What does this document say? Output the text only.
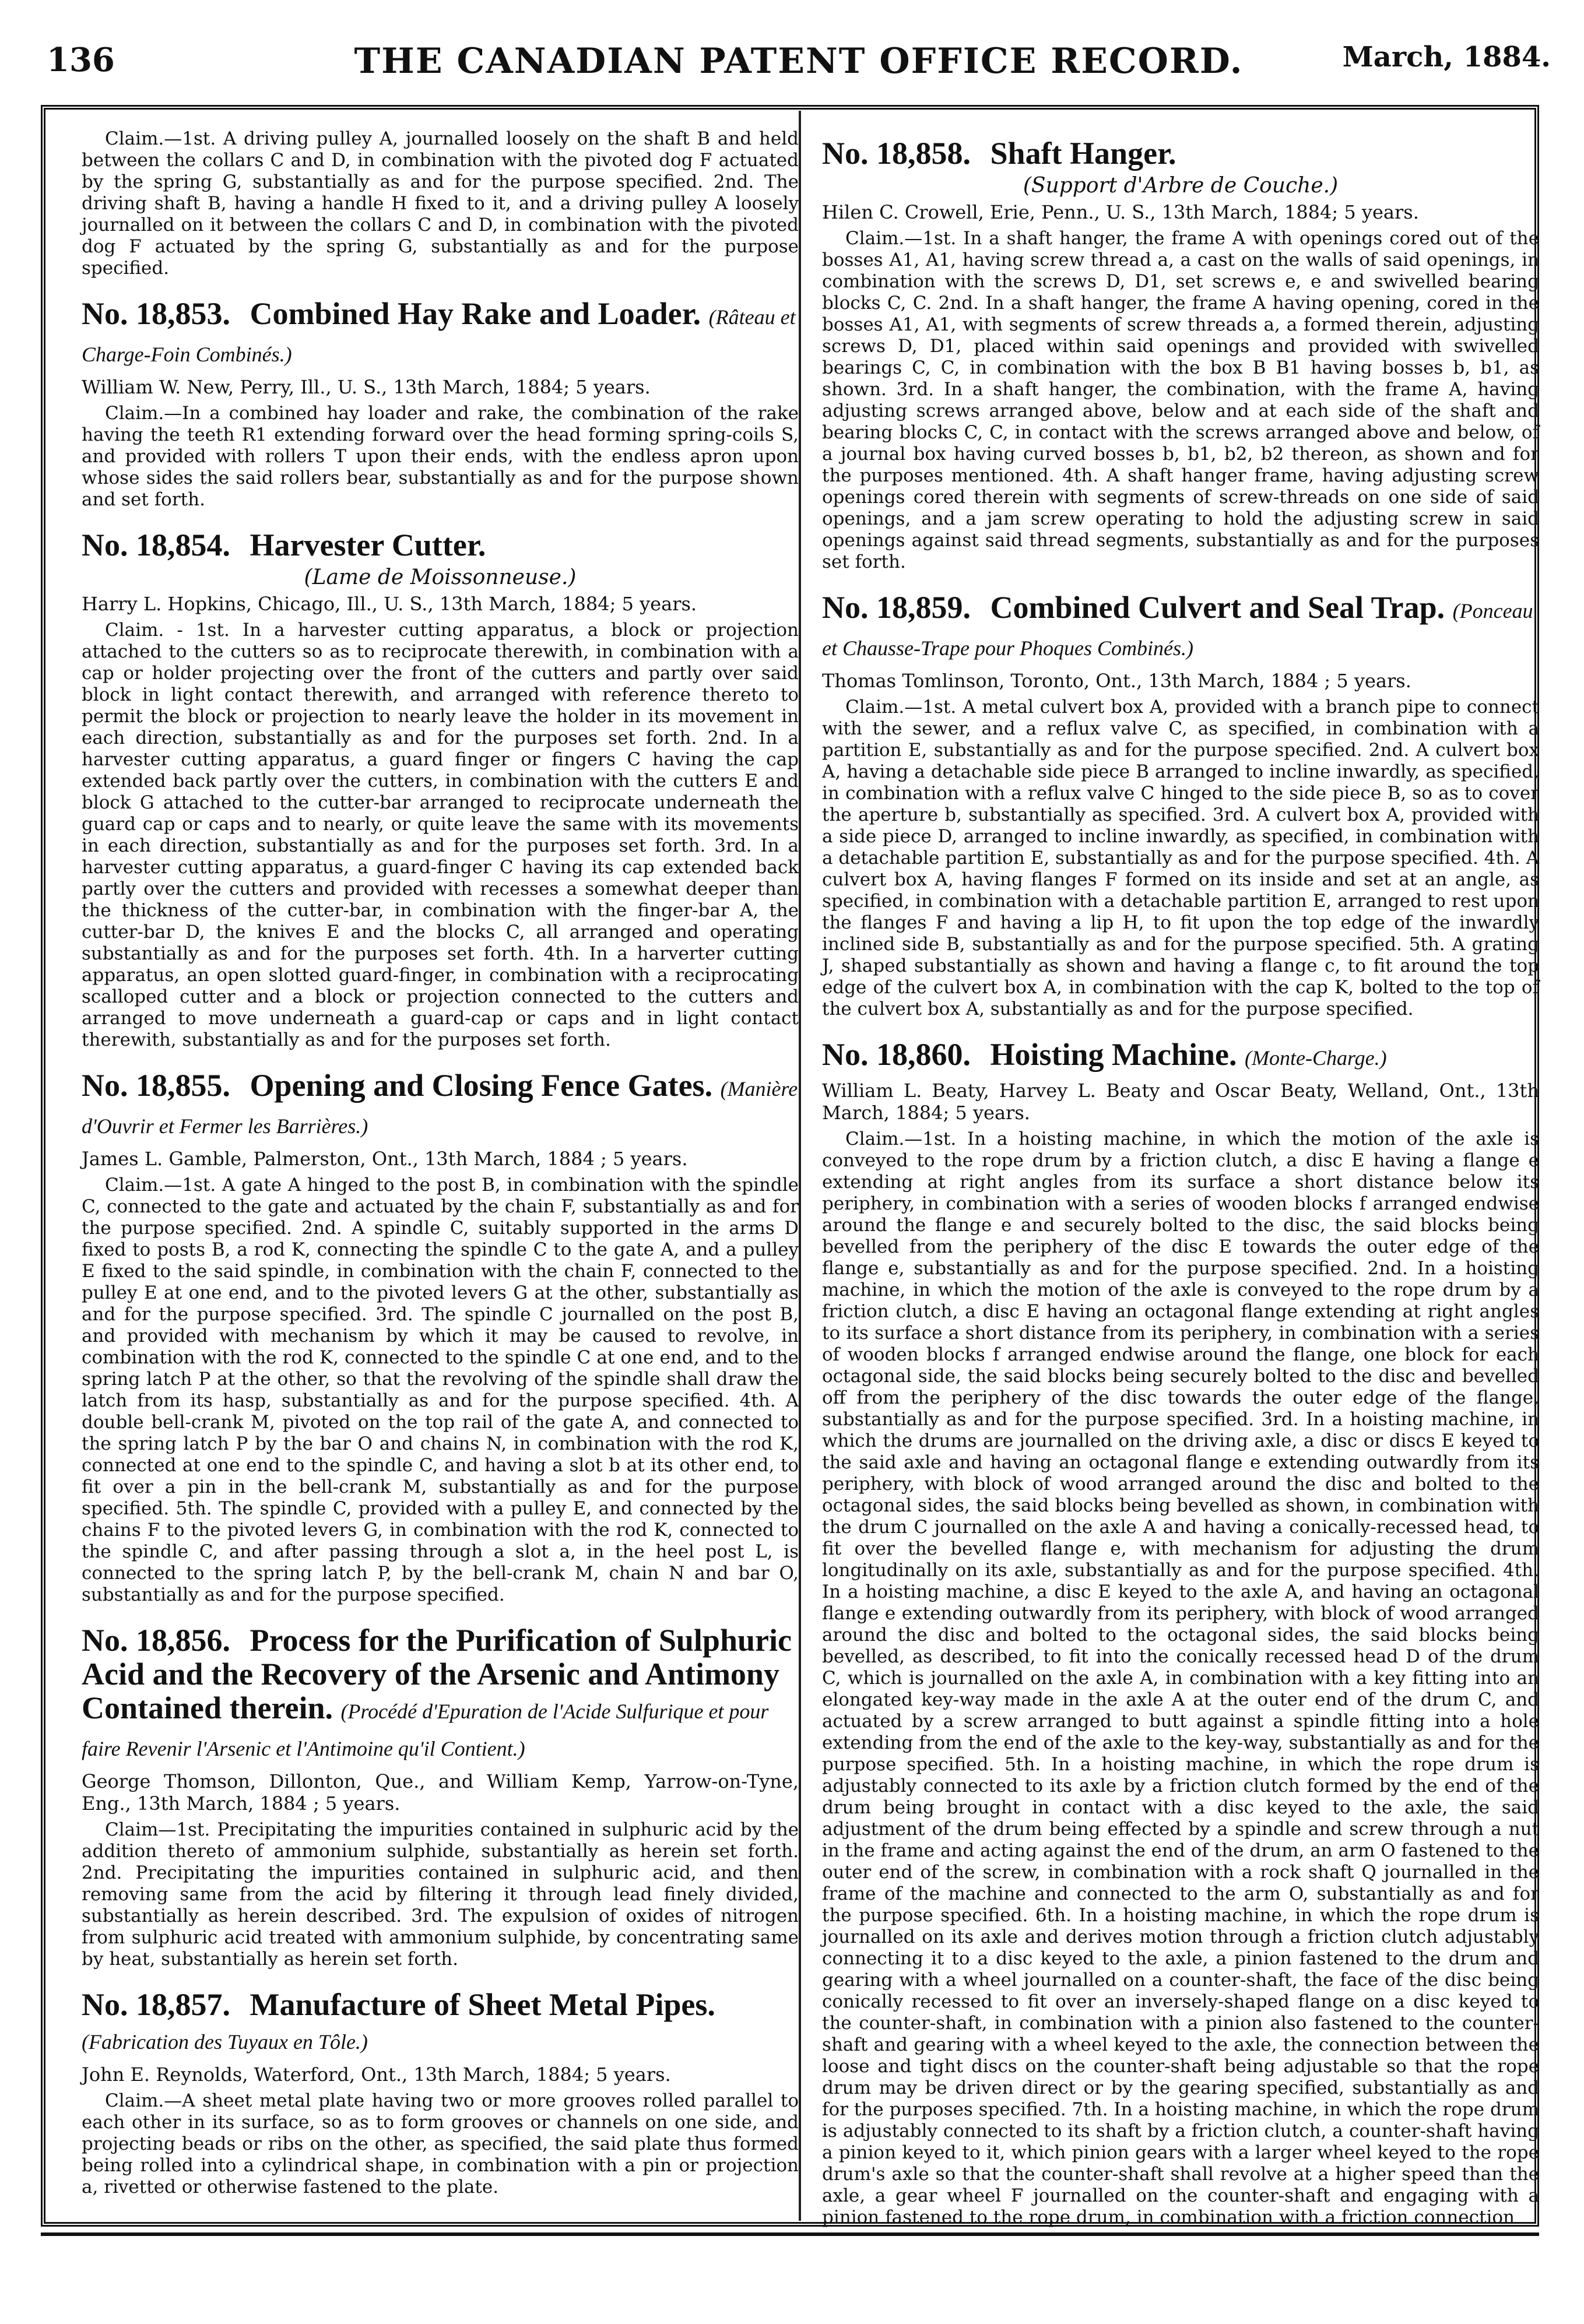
136	THE CANADIAN PATENT OFFICE RECORD.	March, 1884.

Claim.—1st. A driving pulley A, journalled loosely on the shaft B and held between the collars C and D, in combination with the pivoted dog F actuated by the spring G, substantially as and for the purpose specified. 2nd. The driving shaft B, having a handle H fixed to it, and a driving pulley A loosely journalled on it between the collars C and D, in combination with the pivoted dog F actuated by the spring G, substantially as and for the purpose specified.

No. 18,853. Combined Hay Rake and Loader. (Râteau et Charge-Foin Combinés.)
William W. New, Perry, Ill., U. S., 13th March, 1884; 5 years.

Claim.—In a combined hay loader and rake, the combination of the rake having the teeth R1 extending forward over the head forming spring-coils S, and provided with rollers T upon their ends, with the endless apron upon whose sides the said rollers bear, substantially as and for the purpose shown and set forth.

No. 18,854. Harvester Cutter.
(Lame de Moissonneuse.)
Harry L. Hopkins, Chicago, Ill., U. S., 13th March, 1884; 5 years.

Claim. - 1st. In a harvester cutting apparatus, a block or projection attached to the cutters so as to reciprocate therewith, in combination with a cap or holder projecting over the front of the cutters and partly over said block in light contact therewith, and arranged with reference thereto to permit the block or projection to nearly leave the holder in its movement in each direction, substantially as and for the purposes set forth. 2nd. In a harvester cutting apparatus, a guard finger or fingers C having the cap extended back partly over the cutters, in combination with the cutters E and block G attached to the cutter-bar arranged to reciprocate underneath the guard cap or caps and to nearly, or quite leave the same with its movements in each direction, substantially as and for the purposes set forth. 3rd. In a harvester cutting apparatus, a guard-finger C having its cap extended back partly over the cutters and provided with recesses a somewhat deeper than the thickness of the cutter-bar, in combination with the finger-bar A, the cutter-bar D, the knives E and the blocks C, all arranged and operating substantially as and for the purposes set forth. 4th. In a harverter cutting apparatus, an open slotted guard-finger, in combination with a reciprocating scalloped cutter and a block or projection connected to the cutters and arranged to move underneath a guard-cap or caps and in light contact therewith, substantially as and for the purposes set forth.

No. 18,855. Opening and Closing Fence Gates. (Manière d'Ouvrir et Fermer les Barrières.)
James L. Gamble, Palmerston, Ont., 13th March, 1884 ; 5 years.

Claim.—1st. A gate A hinged to the post B, in combination with the spindle C, connected to the gate and actuated by the chain F, substantially as and for the purpose specified. 2nd. A spindle C, suitably supported in the arms D fixed to posts B, a rod K, connecting the spindle C to the gate A, and a pulley E fixed to the said spindle, in combination with the chain F, connected to the pulley E at one end, and to the pivoted levers G at the other, substantially as and for the purpose specified. 3rd. The spindle C journalled on the post B, and provided with mechanism by which it may be caused to revolve, in combination with the rod K, connected to the spindle C at one end, and to the spring latch P at the other, so that the revolving of the spindle shall draw the latch from its hasp, substantially as and for the purpose specified. 4th. A double bell-crank M, pivoted on the top rail of the gate A, and connected to the spring latch P by the bar O and chains N, in combination with the rod K, connected at one end to the spindle C, and having a slot b at its other end, to fit over a pin in the bell-crank M, substantially as and for the purpose specified. 5th. The spindle C, provided with a pulley E, and connected by the chains F to the pivoted levers G, in combination with the rod K, connected to the spindle C, and after passing through a slot a, in the heel post L, is connected to the spring latch P, by the bell-crank M, chain N and bar O, substantially as and for the purpose specified.

No. 18,856. Process for the Purification of Sulphuric Acid and the Recovery of the Arsenic and Antimony Contained therein. (Procédé d'Epuration de l'Acide Sulfurique et pour faire Revenir l'Arsenic et l'Antimoine qu'il Contient.)
George Thomson, Dillonton, Que., and William Kemp, Yarrow-on-Tyne, Eng., 13th March, 1884 ; 5 years.

Claim—1st. Precipitating the impurities contained in sulphuric acid by the addition thereto of ammonium sulphide, substantially as herein set forth. 2nd. Precipitating the impurities contained in sulphuric acid, and then removing same from the acid by filtering it through lead finely divided, substantially as herein described. 3rd. The expulsion of oxides of nitrogen from sulphuric acid treated with ammonium sulphide, by concentrating same by heat, substantially as herein set forth.

No. 18,857. Manufacture of Sheet Metal Pipes. (Fabrication des Tuyaux en Tôle.)
John E. Reynolds, Waterford, Ont., 13th March, 1884; 5 years.

Claim.—A sheet metal plate having two or more grooves rolled parallel to each other in its surface, so as to form grooves or channels on one side, and projecting beads or ribs on the other, as specified, the said plate thus formed being rolled into a cylindrical shape, in combination with a pin or projection a, rivetted or otherwise fastened to the plate.

No. 18,858. Shaft Hanger.
(Support d'Arbre de Couche.)
Hilen C. Crowell, Erie, Penn., U. S., 13th March, 1884; 5 years.

Claim.—1st. In a shaft hanger, the frame A with openings cored out of the bosses A1, A1, having screw thread a, a cast on the walls of said openings, in combination with the screws D, D1, set screws e, e and swivelled bearing blocks C, C. 2nd. In a shaft hanger, the frame A having opening, cored in the bosses A1, A1, with segments of screw threads a, a formed therein, adjusting screws D, D1, placed within said openings and provided with swivelled bearings C, C, in combination with the box B B1 having bosses b, b1, as shown. 3rd. In a shaft hanger, the combination, with the frame A, having adjusting screws arranged above, below and at each side of the shaft and bearing blocks C, C, in contact with the screws arranged above and below, of a journal box having curved bosses b, b1, b2, b2 thereon, as shown and for the purposes mentioned. 4th. A shaft hanger frame, having adjusting screw openings cored therein with segments of screw-threads on one side of said openings, and a jam screw operating to hold the adjusting screw in said openings against said thread segments, substantially as and for the purposes set forth.

No. 18,859. Combined Culvert and Seal Trap. (Ponceau et Chausse-Trape pour Phoques Combinés.)
Thomas Tomlinson, Toronto, Ont., 13th March, 1884 ; 5 years.

Claim.—1st. A metal culvert box A, provided with a branch pipe to connect with the sewer, and a reflux valve C, as specified, in combination with a partition E, substantially as and for the purpose specified. 2nd. A culvert box A, having a detachable side piece B arranged to incline inwardly, as specified, in combination with a reflux valve C hinged to the side piece B, so as to cover the aperture b, substantially as specified. 3rd. A culvert box A, provided with a side piece D, arranged to incline inwardly, as specified, in combination with a detachable partition E, substantially as and for the purpose specified. 4th. A culvert box A, having flanges F formed on its inside and set at an angle, as specified, in combination with a detachable partition E, arranged to rest upon the flanges F and having a lip H, to fit upon the top edge of the inwardly inclined side B, substantially as and for the purpose specified. 5th. A grating J, shaped substantially as shown and having a flange c, to fit around the top edge of the culvert box A, in combination with the cap K, bolted to the top of the culvert box A, substantially as and for the purpose specified.

No. 18,860. Hoisting Machine. (Monte-Charge.)
William L. Beaty, Harvey L. Beaty and Oscar Beaty, Welland, Ont., 13th March, 1884; 5 years.

Claim.—1st. In a hoisting machine, in which the motion of the axle is conveyed to the rope drum by a friction clutch, a disc E having a flange e extending at right angles from its surface a short distance below its periphery, in combination with a series of wooden blocks f arranged endwise around the flange e and securely bolted to the disc, the said blocks being bevelled from the periphery of the disc E towards the outer edge of the flange e, substantially as and for the purpose specified. 2nd. In a hoisting machine, in which the motion of the axle is conveyed to the rope drum by a friction clutch, a disc E having an octagonal flange extending at right angles to its surface a short distance from its periphery, in combination with a series of wooden blocks f arranged endwise around the flange, one block for each octagonal side, the said blocks being securely bolted to the disc and bevelled off from the periphery of the disc towards the outer edge of the flange, substantially as and for the purpose specified. 3rd. In a hoisting machine, in which the drums are journalled on the driving axle, a disc or discs E keyed to the said axle and having an octagonal flange e extending outwardly from its periphery, with block of wood arranged around the disc and bolted to the octagonal sides, the said blocks being bevelled as shown, in combination with the drum C journalled on the axle A and having a conically-recessed head, to fit over the bevelled flange e, with mechanism for adjusting the drum longitudinally on its axle, substantially as and for the purpose specified. 4th. In a hoisting machine, a disc E keyed to the axle A, and having an octagonal flange e extending outwardly from its periphery, with block of wood arranged around the disc and bolted to the octagonal sides, the said blocks being bevelled, as described, to fit into the conically recessed head D of the drum C, which is journalled on the axle A, in combination with a key fitting into an elongated key-way made in the axle A at the outer end of the drum C, and actuated by a screw arranged to butt against a spindle fitting into a hole extending from the end of the axle to the key-way, substantially as and for the purpose specified. 5th. In a hoisting machine, in which the rope drum is adjustably connected to its axle by a friction clutch formed by the end of the drum being brought in contact with a disc keyed to the axle, the said adjustment of the drum being effected by a spindle and screw through a nut in the frame and acting against the end of the drum, an arm O fastened to the outer end of the screw, in combination with a rock shaft Q journalled in the frame of the machine and connected to the arm O, substantially as and for the purpose specified. 6th. In a hoisting machine, in which the rope drum is journalled on its axle and derives motion through a friction clutch adjustably connecting it to a disc keyed to the axle, a pinion fastened to the drum and gearing with a wheel journalled on a counter-shaft, the face of the disc being conically recessed to fit over an inversely-shaped flange on a disc keyed to the counter-shaft, in combination with a pinion also fastened to the counter-shaft and gearing with a wheel keyed to the axle, the connection between the loose and tight discs on the counter-shaft being adjustable so that the rope drum may be driven direct or by the gearing specified, substantially as and for the purposes specified. 7th. In a hoisting machine, in which the rope drum is adjustably connected to its shaft by a friction clutch, a counter-shaft having a pinion keyed to it, which pinion gears with a larger wheel keyed to the rope drum's axle so that the counter-shaft shall revolve at a higher speed than the axle, a gear wheel F journalled on the counter-shaft and engaging with a pinion fastened to the rope drum, in combination with a friction connection
